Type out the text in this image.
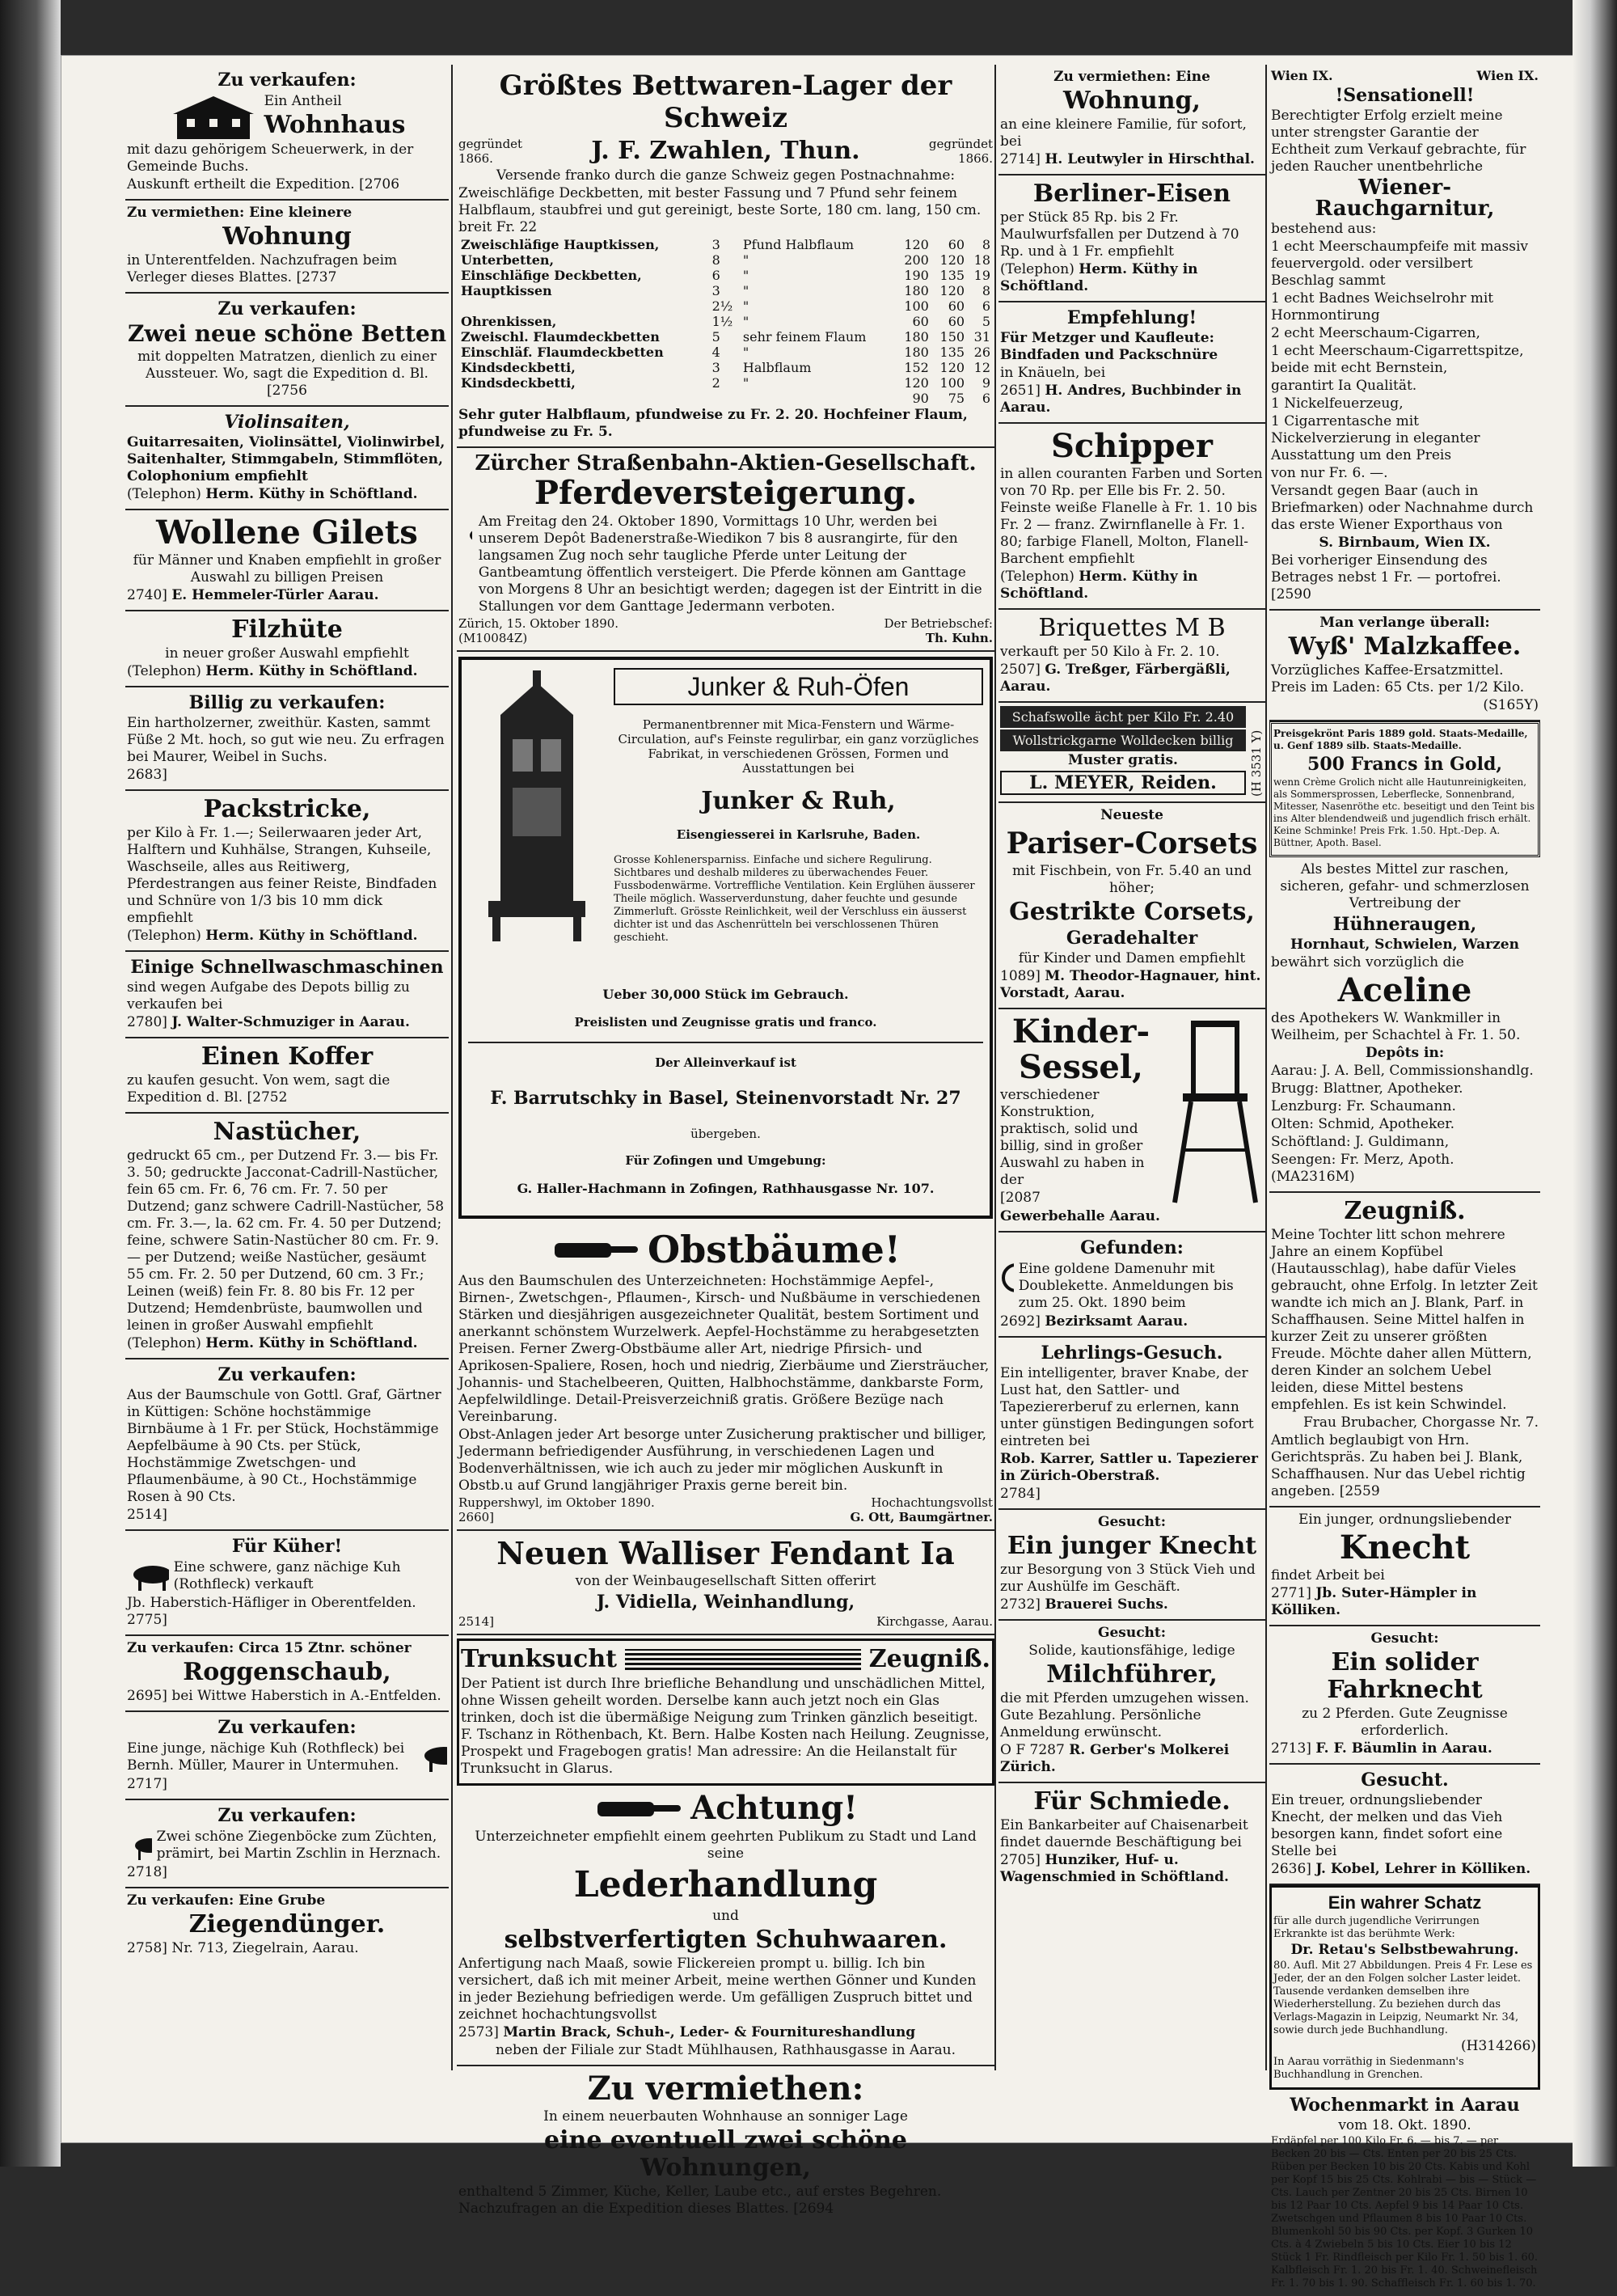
Zu verkaufen:

Ein Antheil

Wohnhaus

mit dazu gehörigem Scheuerwerk, in der Gemeinde Buchs.

Auskunft ertheilt die Expedition. [2706

Zu vermiethen: Eine kleinere

Wohnung

in Unterentfelden. Nachzufragen beim Verleger dieses Blattes. [2737

Zu verkaufen:
Zwei neue schöne Betten

mit doppelten Matratzen, dienlich zu einer Aussteuer. Wo, sagt die Expedition d. Bl. [2756

Violinsaiten,

Guitarresaiten, Violinsättel, Violinwirbel, Saitenhalter, Stimmgabeln, Stimmflöten, Colophonium empfiehlt

(Telephon) Herm. Küthy in Schöftland.

Wollene Gilets

für Männer und Knaben empfiehlt in großer Auswahl zu billigen Preisen

2740] E. Hemmeler-Türler Aarau.

Filzhüte

in neuer großer Auswahl empfiehlt

(Telephon) Herm. Küthy in Schöftland.

Billig zu verkaufen:

Ein hartholzerner, zweithür. Kasten, sammt Füße 2 Mt. hoch, so gut wie neu. Zu erfragen bei Maurer, Weibel in Suchs.

2683]

Packstricke,

per Kilo à Fr. 1.—; Seilerwaaren jeder Art, Halftern und Kuhhälse, Strangen, Kuhseile, Waschseile, alles aus Reitiwerg, Pferdestrangen aus feiner Reiste, Bindfaden und Schnüre von 1/3 bis 10 mm dick empfiehlt

(Telephon) Herm. Küthy in Schöftland.

Einige Schnellwaschmaschinen

sind wegen Aufgabe des Depots billig zu verkaufen bei

2780] J. Walter-Schmuziger in Aarau.

Einen Koffer

zu kaufen gesucht. Von wem, sagt die Expedition d. Bl. [2752

Nastücher,

gedruckt 65 cm., per Dutzend Fr. 3.— bis Fr. 3. 50; gedruckte Jacconat-Cadrill-Nastücher, fein 65 cm. Fr. 6, 76 cm. Fr. 7. 50 per Dutzend; ganz schwere Cadrill-Nastücher, 58 cm. Fr. 3.—, la. 62 cm. Fr. 4. 50 per Dutzend; feine, schwere Satin-Nastücher 80 cm. Fr. 9.— per Dutzend; weiße Nastücher, gesäumt 55 cm. Fr. 2. 50 per Dutzend, 60 cm. 3 Fr.; Leinen (weiß) fein Fr. 8. 80 bis Fr. 12 per Dutzend; Hemdenbrüste, baumwollen und leinen in großer Auswahl empfiehlt

(Telephon) Herm. Küthy in Schöftland.

Zu verkaufen:

Aus der Baumschule von Gottl. Graf, Gärtner in Küttigen: Schöne hochstämmige Birnbäume à 1 Fr. per Stück, Hochstämmige Aepfelbäume à 90 Cts. per Stück, Hochstämmige Zwetschgen- und Pflaumenbäume, à 90 Ct., Hochstämmige Rosen à 90 Cts.

2514]

Für Küher!

Eine schwere, ganz nächige Kuh (Rothfleck) verkauft

Jb. Haberstich-Häfliger in Oberentfelden. 2775]

Zu verkaufen: Circa 15 Ztnr. schöner

Roggenschaub,

2695] bei Wittwe Haberstich in A.-Entfelden.

Zu verkaufen:

Eine junge, nächige Kuh (Rothfleck) bei Bernh. Müller, Maurer in Untermuhen.

2717]

Zu verkaufen:

Zwei schöne Ziegenböcke zum Züchten, prämirt, bei Martin Zschlin in Herznach.

2718]

Zu verkaufen: Eine Grube

Ziegendünger.

2758] Nr. 713, Ziegelrain, Aarau.

Größtes Bettwaren-Lager der Schweiz
gegründet 1866.	J. F. Zwahlen, Thun.	gegründet 1866.

Versende franko durch die ganze Schweiz gegen Postnachnahme:

Zweischläfige Deckbetten, mit bester Fassung und 7 Pfund sehr feinem Halbflaum, staubfrei und gut gereinigt, beste Sorte, 180 cm. lang, 150 cm. breit Fr. 22

Zweischläfige Hauptkissen,	3	Pfund Halbflaum	120	60	8
Unterbetten,	8	"	200	120	18
Einschläfige Deckbetten,	6	"	190	135	19
Hauptkissen	3	"	180	120	8
	2½	"	100	60	6
Ohrenkissen,	1½	"	60	60	5
Zweischl. Flaumdeckbetten	5	sehr feinem Flaum	180	150	31
Einschläf. Flaumdeckbetten	4	"	180	135	26
Kindsdeckbetti,	3	Halbflaum	152	120	12
Kindsdeckbetti,	2	"	120	100	9
			90	75	6

Sehr guter Halbflaum, pfundweise zu Fr. 2. 20. Hochfeiner Flaum, pfundweise zu Fr. 5.

Zürcher Straßenbahn-Aktien-Gesellschaft.
Pferdeversteigerung.

Am Freitag den 24. Oktober 1890, Vormittags 10 Uhr, werden bei unserem Depôt Badenerstraße-Wiedikon 7 bis 8 ausrangirte, für den langsamen Zug noch sehr taugliche Pferde unter Leitung der Gantbeamtung öffentlich versteigert. Die Pferde können am Ganttage von Morgens 8 Uhr an besichtigt werden; dagegen ist der Eintritt in die Stallungen vor dem Ganttage Jedermann verboten.

Zürich, 15. Oktober 1890.	Der Betriebschef:
(M10084Z)	Th. Kuhn.
Junker & Ruh-Öfen

Permanentbrenner mit Mica-Fenstern und Wärme-Circulation, auf's Feinste regulirbar, ein ganz vorzügliches Fabrikat, in verschiedenen Grössen, Formen und Ausstattungen bei

Junker & Ruh,

Eisengiesserei in Karlsruhe, Baden.

Grosse Kohlenersparniss. Einfache und sichere Regulirung. Sichtbares und deshalb milderes zu überwachendes Feuer. Fussbodenwärme. Vortreffliche Ventilation. Kein Erglühen äusserer Theile möglich. Wasserverdunstung, daher feuchte und gesunde Zimmerluft. Grösste Reinlichkeit, weil der Verschluss ein äusserst dichter ist und das Aschenrütteln bei verschlossenen Thüren geschieht.

Ueber 30,000 Stück im Gebrauch.

Preislisten und Zeugnisse gratis und franco.

Der Alleinverkauf ist

F. Barrutschky in Basel, Steinenvorstadt Nr. 27

übergeben.

Für Zofingen und Umgebung:

G. Haller-Hachmann in Zofingen, Rathhausgasse Nr. 107.

Obstbäume!

Aus den Baumschulen des Unterzeichneten: Hochstämmige Aepfel-, Birnen-, Zwetschgen-, Pflaumen-, Kirsch- und Nußbäume in verschiedenen Stärken und diesjährigen ausgezeichneter Qualität, bestem Sortiment und anerkannt schönstem Wurzelwerk. Aepfel-Hochstämme zu herabgesetzten Preisen. Ferner Zwerg-Obstbäume aller Art, niedrige Pfirsich- und Aprikosen-Spaliere, Rosen, hoch und niedrig, Zierbäume und Ziersträucher, Johannis- und Stachelbeeren, Quitten, Halbhochstämme, dankbarste Form, Aepfelwildlinge. Detail-Preisverzeichniß gratis. Größere Bezüge nach Vereinbarung.

Obst-Anlagen jeder Art besorge unter Zusicherung praktischer und billiger, Jedermann befriedigender Ausführung, in verschiedenen Lagen und Bodenverhältnissen, wie ich auch zu jeder mir möglichen Auskunft in Obstb.u auf Grund langjähriger Praxis gerne bereit bin.

Ruppershwyl, im Oktober 1890.	Hochachtungsvollst
2660]	G. Ott, Baumgärtner.
Neuen Walliser Fendant Ia

von der Weinbaugesellschaft Sitten offerirt

J. Vidiella, Weinhandlung,
2514]	Kirchgasse, Aarau.
Trunksucht	Zeugniß.

Der Patient ist durch Ihre briefliche Behandlung und unschädlichen Mittel, ohne Wissen geheilt worden. Derselbe kann auch jetzt noch ein Glas trinken, doch ist die übermäßige Neigung zum Trinken gänzlich beseitigt. F. Tschanz in Röthenbach, Kt. Bern. Halbe Kosten nach Heilung. Zeugnisse, Prospekt und Fragebogen gratis! Man adressire: An die Heilanstalt für Trunksucht in Glarus.

Achtung!

Unterzeichneter empfiehlt einem geehrten Publikum zu Stadt und Land seine

Lederhandlung

und

selbstverfertigten Schuhwaaren.

Anfertigung nach Maaß, sowie Flickereien prompt u. billig. Ich bin versichert, daß ich mit meiner Arbeit, meine werthen Gönner und Kunden in jeder Beziehung befriedigen werde. Um gefälligen Zuspruch bittet und zeichnet hochachtungsvollst

2573] Martin Brack, Schuh-, Leder- & Fournitureshandlung

neben der Filiale zur Stadt Mühlhausen, Rathhausgasse in Aarau.

Zu vermiethen:

In einem neuerbauten Wohnhause an sonniger Lage

eine eventuell zwei schöne Wohnungen,

enthaltend 5 Zimmer, Küche, Keller, Laube etc., auf erstes Begehren. Nachzufragen an die Expedition dieses Blattes. [2694

Zu vermiethen: Eine

Wohnung,

an eine kleinere Familie, für sofort, bei

2714] H. Leutwyler in Hirschthal.

Berliner-Eisen

per Stück 85 Rp. bis 2 Fr. Maulwurfsfallen per Dutzend à 70 Rp. und à 1 Fr. empfiehlt

(Telephon) Herm. Küthy in Schöftland.

Empfehlung!

Für Metzger und Kaufleute: Bindfaden und Packschnüre

in Knäueln, bei

2651] H. Andres, Buchbinder in Aarau.

Schipper

in allen couranten Farben und Sorten von 70 Rp. per Elle bis Fr. 2. 50. Feinste weiße Flanelle à Fr. 1. 10 bis Fr. 2 — franz. Zwirnflanelle à Fr. 1. 80; farbige Flanell, Molton, Flanell-Barchent empfiehlt

(Telephon) Herm. Küthy in Schöftland.

Briquettes M B

verkauft per 50 Kilo à Fr. 2. 10.

2507] G. Treßger, Färbergäßli, Aarau.

Schafswolle ächt per Kilo Fr. 2.40
Wollstrickgarne Wolldecken billig

Muster gratis.

L. MEYER, Reiden.	(H 3531 Y)

Neueste

Pariser-Corsets

mit Fischbein, von Fr. 5.40 an und höher;

Gestrikte Corsets,
Geradehalter

für Kinder und Damen empfiehlt

1089] M. Theodor-Hagnauer, hint. Vorstadt, Aarau.

Kinder-Sessel,

verschiedener Konstruktion, praktisch, solid und billig, sind in großer Auswahl zu haben in der

[2087

Gewerbehalle Aarau.

Gefunden:

Eine goldene Damenuhr mit Doublekette. Anmeldungen bis zum 25. Okt. 1890 beim

2692] Bezirksamt Aarau.

Lehrlings-Gesuch.

Ein intelligenter, braver Knabe, der Lust hat, den Sattler- und Tapeziererberuf zu erlernen, kann unter günstigen Bedingungen sofort eintreten bei

Rob. Karrer, Sattler u. Tapezierer in Zürich-Oberstraß.

2784]

Gesucht:

Ein junger Knecht

zur Besorgung von 3 Stück Vieh und zur Aushülfe im Geschäft.

2732] Brauerei Suchs.

Gesucht:

Solide, kautionsfähige, ledige

Milchführer,

die mit Pferden umzugehen wissen. Gute Bezahlung. Persönliche Anmeldung erwünscht.

O F 7287 R. Gerber's Molkerei Zürich.

Für Schmiede.

Ein Bankarbeiter auf Chaisenarbeit findet dauernde Beschäftigung bei

2705] Hunziker, Huf- u. Wagenschmied in Schöftland.

Wien IX.	Wien IX.
!Sensationell!

Berechtigter Erfolg erzielt meine unter strengster Garantie der Echtheit zum Verkauf gebrachte, für jeden Raucher unentbehrliche

Wiener-Rauchgarnitur,

bestehend aus:

1 echt Meerschaumpfeife mit massiv feuervergold. oder versilbert Beschlag sammt

1 echt Badnes Weichselrohr mit Hornmontirung

2 echt Meerschaum-Cigarren,

1 echt Meerschaum-Cigarrettspitze, beide mit echt Bernstein,

garantirt Ia Qualität.

1 Nickelfeuerzeug,

1 Cigarrentasche mit Nickelverzierung in eleganter Ausstattung um den Preis

von nur Fr. 6. —.

Versandt gegen Baar (auch in Briefmarken) oder Nachnahme durch das erste Wiener Exporthaus von

S. Birnbaum, Wien IX.

Bei vorheriger Einsendung des Betrages nebst 1 Fr. — portofrei. [2590

Man verlange überall:

Wyß' Malzkaffee.

Vorzügliches Kaffee-Ersatzmittel. Preis im Laden: 65 Cts. per 1/2 Kilo.

(S165Y)

Preisgekrönt Paris 1889 gold. Staats-Medaille, u. Genf 1889 silb. Staats-Medaille.

500 Francs in Gold,

wenn Crème Grolich nicht alle Hautunreinigkeiten, als Sommersprossen, Leberflecke, Sonnenbrand, Mitesser, Nasenröthe etc. beseitigt und den Teint bis ins Alter blendendweiß und jugendlich frisch erhält. Keine Schminke! Preis Frk. 1.50. Hpt.-Dep. A. Büttner, Apoth. Basel.

Als bestes Mittel zur raschen, sicheren, gefahr- und schmerzlosen Vertreibung der

Hühneraugen,

Hornhaut, Schwielen, Warzen

bewährt sich vorzüglich die

Aceline

des Apothekers W. Wankmiller in Weilheim, per Schachtel à Fr. 1. 50.

Depôts in:

Aarau: J. A. Bell, Commissionshandlg.

Brugg: Blattner, Apotheker.

Lenzburg: Fr. Schaumann.

Olten: Schmid, Apotheker.

Schöftland: J. Guldimann,

Seengen: Fr. Merz, Apoth. (MA2316M)

Zeugniß.

Meine Tochter litt schon mehrere Jahre an einem Kopfübel (Hautausschlag), habe dafür Vieles gebraucht, ohne Erfolg. In letzter Zeit wandte ich mich an J. Blank, Parf. in Schaffhausen. Seine Mittel halfen in kurzer Zeit zu unserer größten Freude. Möchte daher allen Müttern, deren Kinder an solchem Uebel leiden, diese Mittel bestens empfehlen. Es ist kein Schwindel.

Frau Brubacher, Chorgasse Nr. 7.

Amtlich beglaubigt von Hrn. Gerichtspräs. Zu haben bei J. Blank, Schaffhausen. Nur das Uebel richtig angeben. [2559

Ein junger, ordnungsliebender

Knecht

findet Arbeit bei

2771] Jb. Suter-Hämpler in Kölliken.

Gesucht:

Ein solider Fahrknecht

zu 2 Pferden. Gute Zeugnisse erforderlich.

2713] F. F. Bäumlin in Aarau.

Gesucht.

Ein treuer, ordnungsliebender Knecht, der melken und das Vieh besorgen kann, findet sofort eine Stelle bei

2636] J. Kobel, Lehrer in Kölliken.

Ein wahrer Schatz

für alle durch jugendliche Verirrungen Erkrankte ist das berühmte Werk:

Dr. Retau's Selbstbewahrung.

80. Aufl. Mit 27 Abbildungen. Preis 4 Fr. Lese es Jeder, der an den Folgen solcher Laster leidet. Tausende verdanken demselben ihre Wiederherstellung. Zu beziehen durch das Verlags-Magazin in Leipzig, Neumarkt Nr. 34, sowie durch jede Buchhandlung.

(H314266)

In Aarau vorräthig in Siedenmann's Buchhandlung in Grenchen.

Wochenmarkt in Aarau

vom 18. Okt. 1890.

Erdäpfel per 100 Kilo Fr. 6. — bis 7. — per Becken 20 bis — Cts. Enten per 20 bis 25 Cts. Rüben per Becken 10 bis 20 Cts. Kabis und Kohl per Kopf 15 bis 25 Cts. Kohlrabi — bis — Stück — Cts. Lauch per Zentner 20 bis 25 Cts. Birnen 10 bis 12 Paar 10 Cts. Aepfel 9 bis 14 Paar 10 Cts. Zwetschgen und Pflaumen 8 bis 10 Paar 10 Cts. Blumenkohl 50 bis 90 Cts. per Kopf. 3 Gurken 10 Cts. à 4 Zwiebeln 5 bis 10 Cts. Eier 10 bis 12 Stück 1 Fr. Rindfleisch per Kilo Fr. 1. 50 bis 1. 60. Kalbfleisch Fr. 1. 20 bis Fr. 1. 40. Schweinefleisch Fr. 1. 70 bis 1. 90. Schaffleisch Fr. 1. 60 bis 1. 70.
